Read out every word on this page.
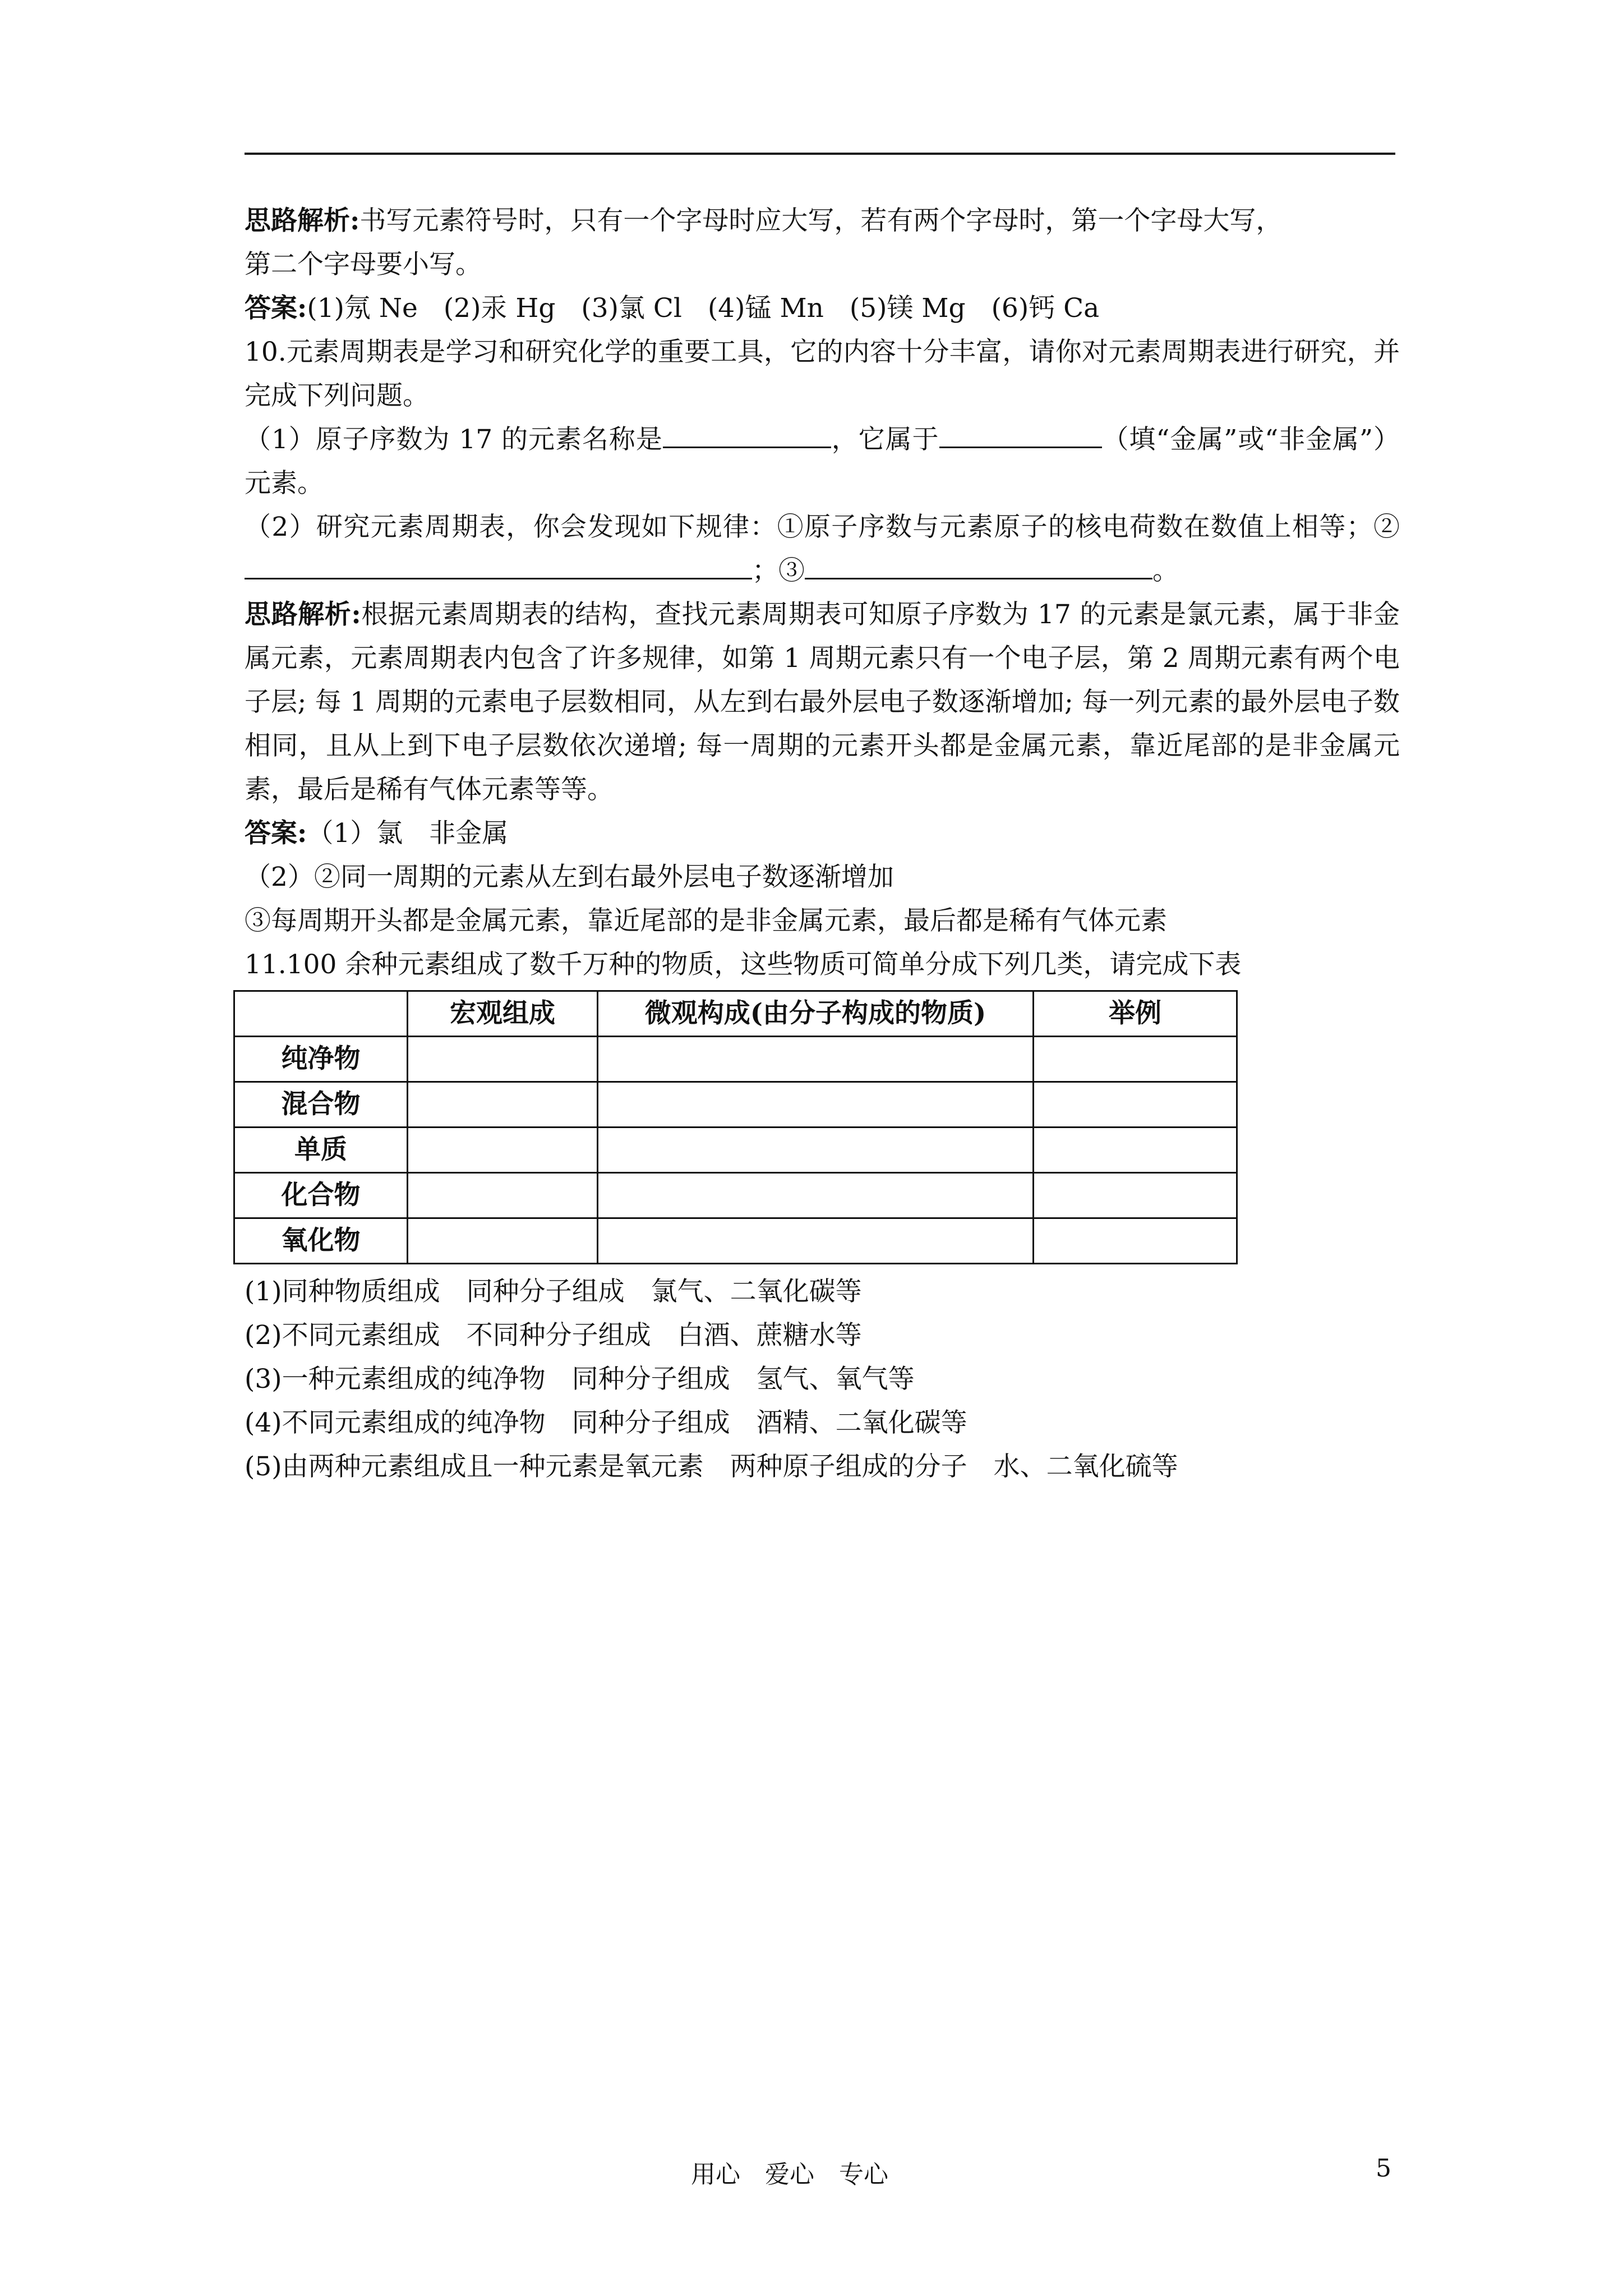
思路解析:书写元素符号时，只有一个字母时应大写，若有两个字母时，第一个字母大写，
第二个字母要小写。
答案:(1)氖 Ne (2)汞 Hg (3)氯 Cl (4)锰 Mn (5)镁 Mg (6)钙 Ca
10.元素周期表是学习和研究化学的重要工具，它的内容十分丰富，请你对元素周期表进行研究，并完成下列问题。
（1）原子序数为 17 的元素名称是	，它属于	（填“金属”或“非金属”）元素。
（2）研究元素周期表，你会发现如下规律：①原子序数与元素原子的核电荷数在数值上相等；②；③	。
思路解析:根据元素周期表的结构，查找元素周期表可知原子序数为 17 的元素是氯元素，属于非金属元素，元素周期表内包含了许多规律，如第 1 周期元素只有一个电子层，第 2 周期元素有两个电子层; 每 1 周期的元素电子层数相同，从左到右最外层电子数逐渐增加; 每一列元素的最外层电子数相同，且从上到下电子层数依次递增; 每一周期的元素开头都是金属元素，靠近尾部的是非金属元素，最后是稀有气体元素等等。
答案:（1）氯　非金属
（2）②同一周期的元素从左到右最外层电子数逐渐增加
③每周期开头都是金属元素，靠近尾部的是非金属元素，最后都是稀有气体元素
11.100 余种元素组成了数千万种的物质，这些物质可简单分成下列几类，请完成下表
	宏观组成	微观构成(由分子构成的物质)	举例
纯净物			
混合物			
单质			
化合物			
氧化物			
(1)同种物质组成　同种分子组成　氯气、二氧化碳等
(2)不同元素组成　不同种分子组成　白酒、蔗糖水等
(3)一种元素组成的纯净物　同种分子组成　氢气、氧气等
(4)不同元素组成的纯净物　同种分子组成　酒精、二氧化碳等
(5)由两种元素组成且一种元素是氧元素　两种原子组成的分子　水、二氧化硫等
用心　爱心　专心	5
